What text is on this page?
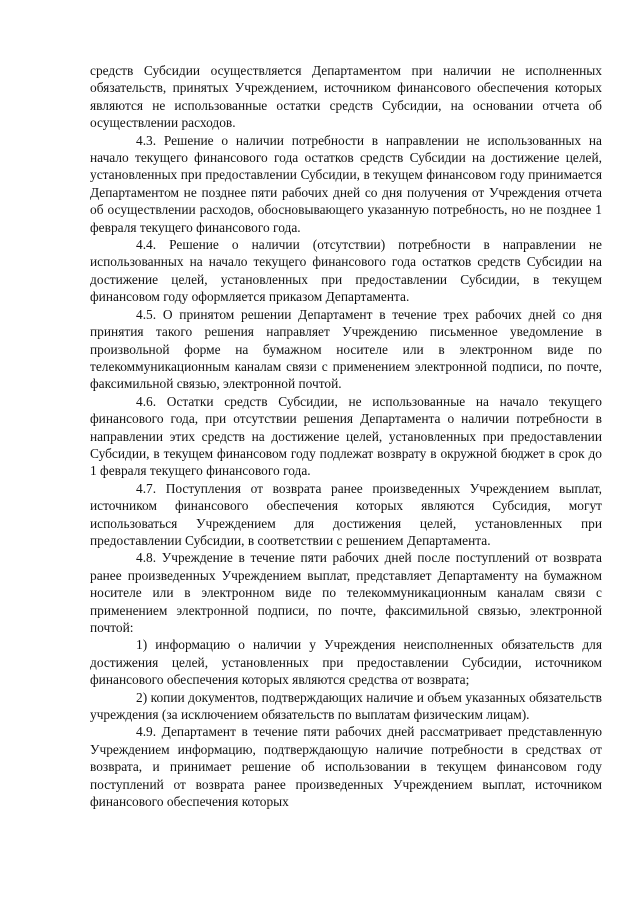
средств Субсидии осуществляется Департаментом при наличии не исполненных обязательств, принятых Учреждением, источником финансового обеспечения которых являются не использованные остатки средств Субсидии, на основании отчета об осуществлении расходов.

4.3. Решение о наличии потребности в направлении не использованных на начало текущего финансового года остатков средств Субсидии на достижение целей, установленных при предоставлении Субсидии, в текущем финансовом году принимается Департаментом не позднее пяти рабочих дней со дня получения от Учреждения отчета об осуществлении расходов, обосновывающего указанную потребность, но не позднее 1 февраля текущего финансового года.

4.4. Решение о наличии (отсутствии) потребности в направлении не использованных на начало текущего финансового года остатков средств Субсидии на достижение целей, установленных при предоставлении Субсидии, в текущем финансовом году оформляется приказом Департамента.

4.5. О принятом решении Департамент в течение трех рабочих дней со дня принятия такого решения направляет Учреждению письменное уведомление в произвольной форме на бумажном носителе или в электронном виде по телекоммуникационным каналам связи с применением электронной подписи, по почте, факсимильной связью, электронной почтой.

4.6. Остатки средств Субсидии, не использованные на начало текущего финансового года, при отсутствии решения Департамента о наличии потребности в направлении этих средств на достижение целей, установленных при предоставлении Субсидии, в текущем финансовом году подлежат возврату в окружной бюджет в срок до 1 февраля текущего финансового года.

4.7. Поступления от возврата ранее произведенных Учреждением выплат, источником финансового обеспечения которых являются Субсидия, могут использоваться Учреждением для достижения целей, установленных при предоставлении Субсидии, в соответствии с решением Департамента.

4.8. Учреждение в течение пяти рабочих дней после поступлений от возврата ранее произведенных Учреждением выплат, представляет Департаменту на бумажном носителе или в электронном виде по телекоммуникационным каналам связи с применением электронной подписи, по почте, факсимильной связью, электронной почтой:

1) информацию о наличии у Учреждения неисполненных обязательств для достижения целей, установленных при предоставлении Субсидии, источником финансового обеспечения которых являются средства от возврата;

2) копии документов, подтверждающих наличие и объем указанных обязательств учреждения (за исключением обязательств по выплатам физическим лицам).

4.9. Департамент в течение пяти рабочих дней рассматривает представленную Учреждением информацию, подтверждающую наличие потребности в средствах от возврата, и принимает решение об использовании в текущем финансовом году поступлений от возврата ранее произведенных Учреждением выплат, источником финансового обеспечения которых
